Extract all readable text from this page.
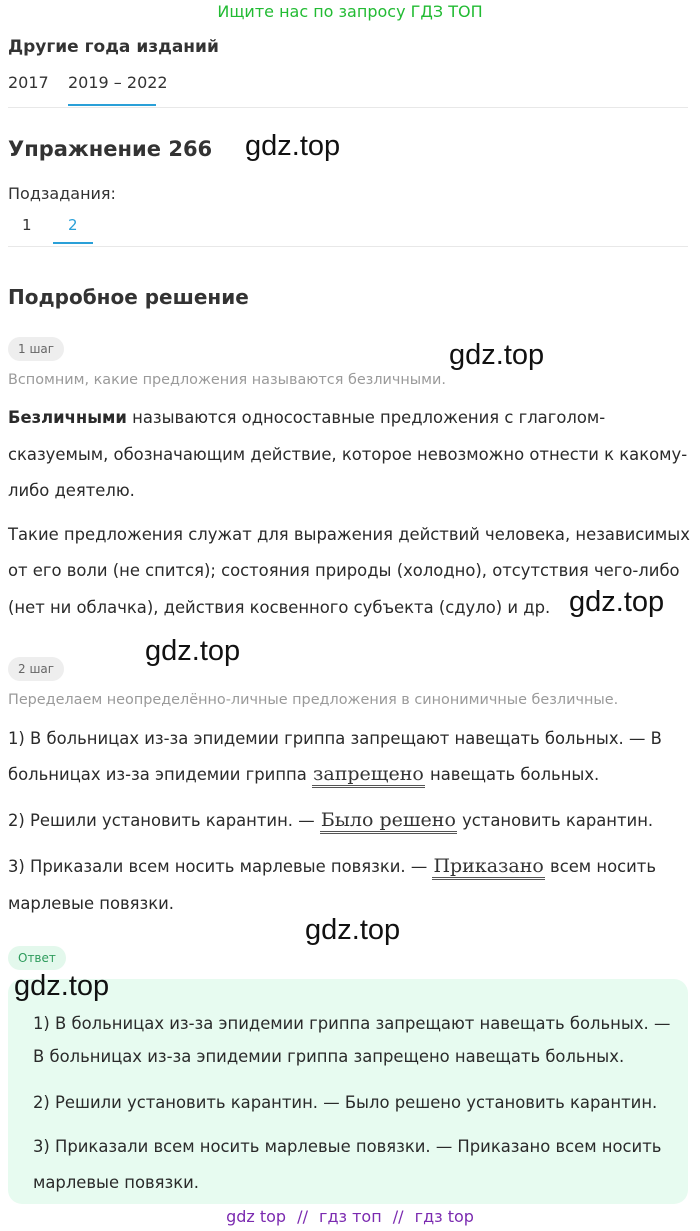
Ищите нас по запросу ГДЗ ТОП
Другие года изданий
2017 2019 – 2022
Упражнение 266 gdz.top
Подзадания:
1 2
Подробное решение
1 шаг	gdz.top
Вспомним, какие предложения называются безличными.
Безличными называются односоставные предложения с глаголом-
сказуемым, обозначающим действие, которое невозможно отнести к какому-
либо деятелю.
Такие предложения служат для выражения действий человека, независимых
от его воли (не спится); состояния природы (холодно), отсутствия чего-либо
(нет ни облачка), действия косвенного субъекта (сдуло) и др. gdz.top
2 шаг
gdz.top
Переделаем неопределённо-личные предложения в синонимичные безличные.
1) В больницах из-за эпидемии гриппа запрещают навещать больных. — В
больницах из-за эпидемии гриппа запрещено навещать больных.
2) Решили установить карантин. — Было решено установить карантин.
3) Приказали всем носить марлевые повязки. — Приказано всем носить
марлевые повязки.
gdz.top
Ответ
gdz.top
1) В больницах из-за эпидемии гриппа запрещают навещать больных. —
В больницах из-за эпидемии гриппа запрещено навещать больных.
2) Решили установить карантин. — Было решено установить карантин.
3) Приказали всем носить марлевые повязки. — Приказано всем носить
марлевые повязки.
gdz top // гдз топ // гдз top
